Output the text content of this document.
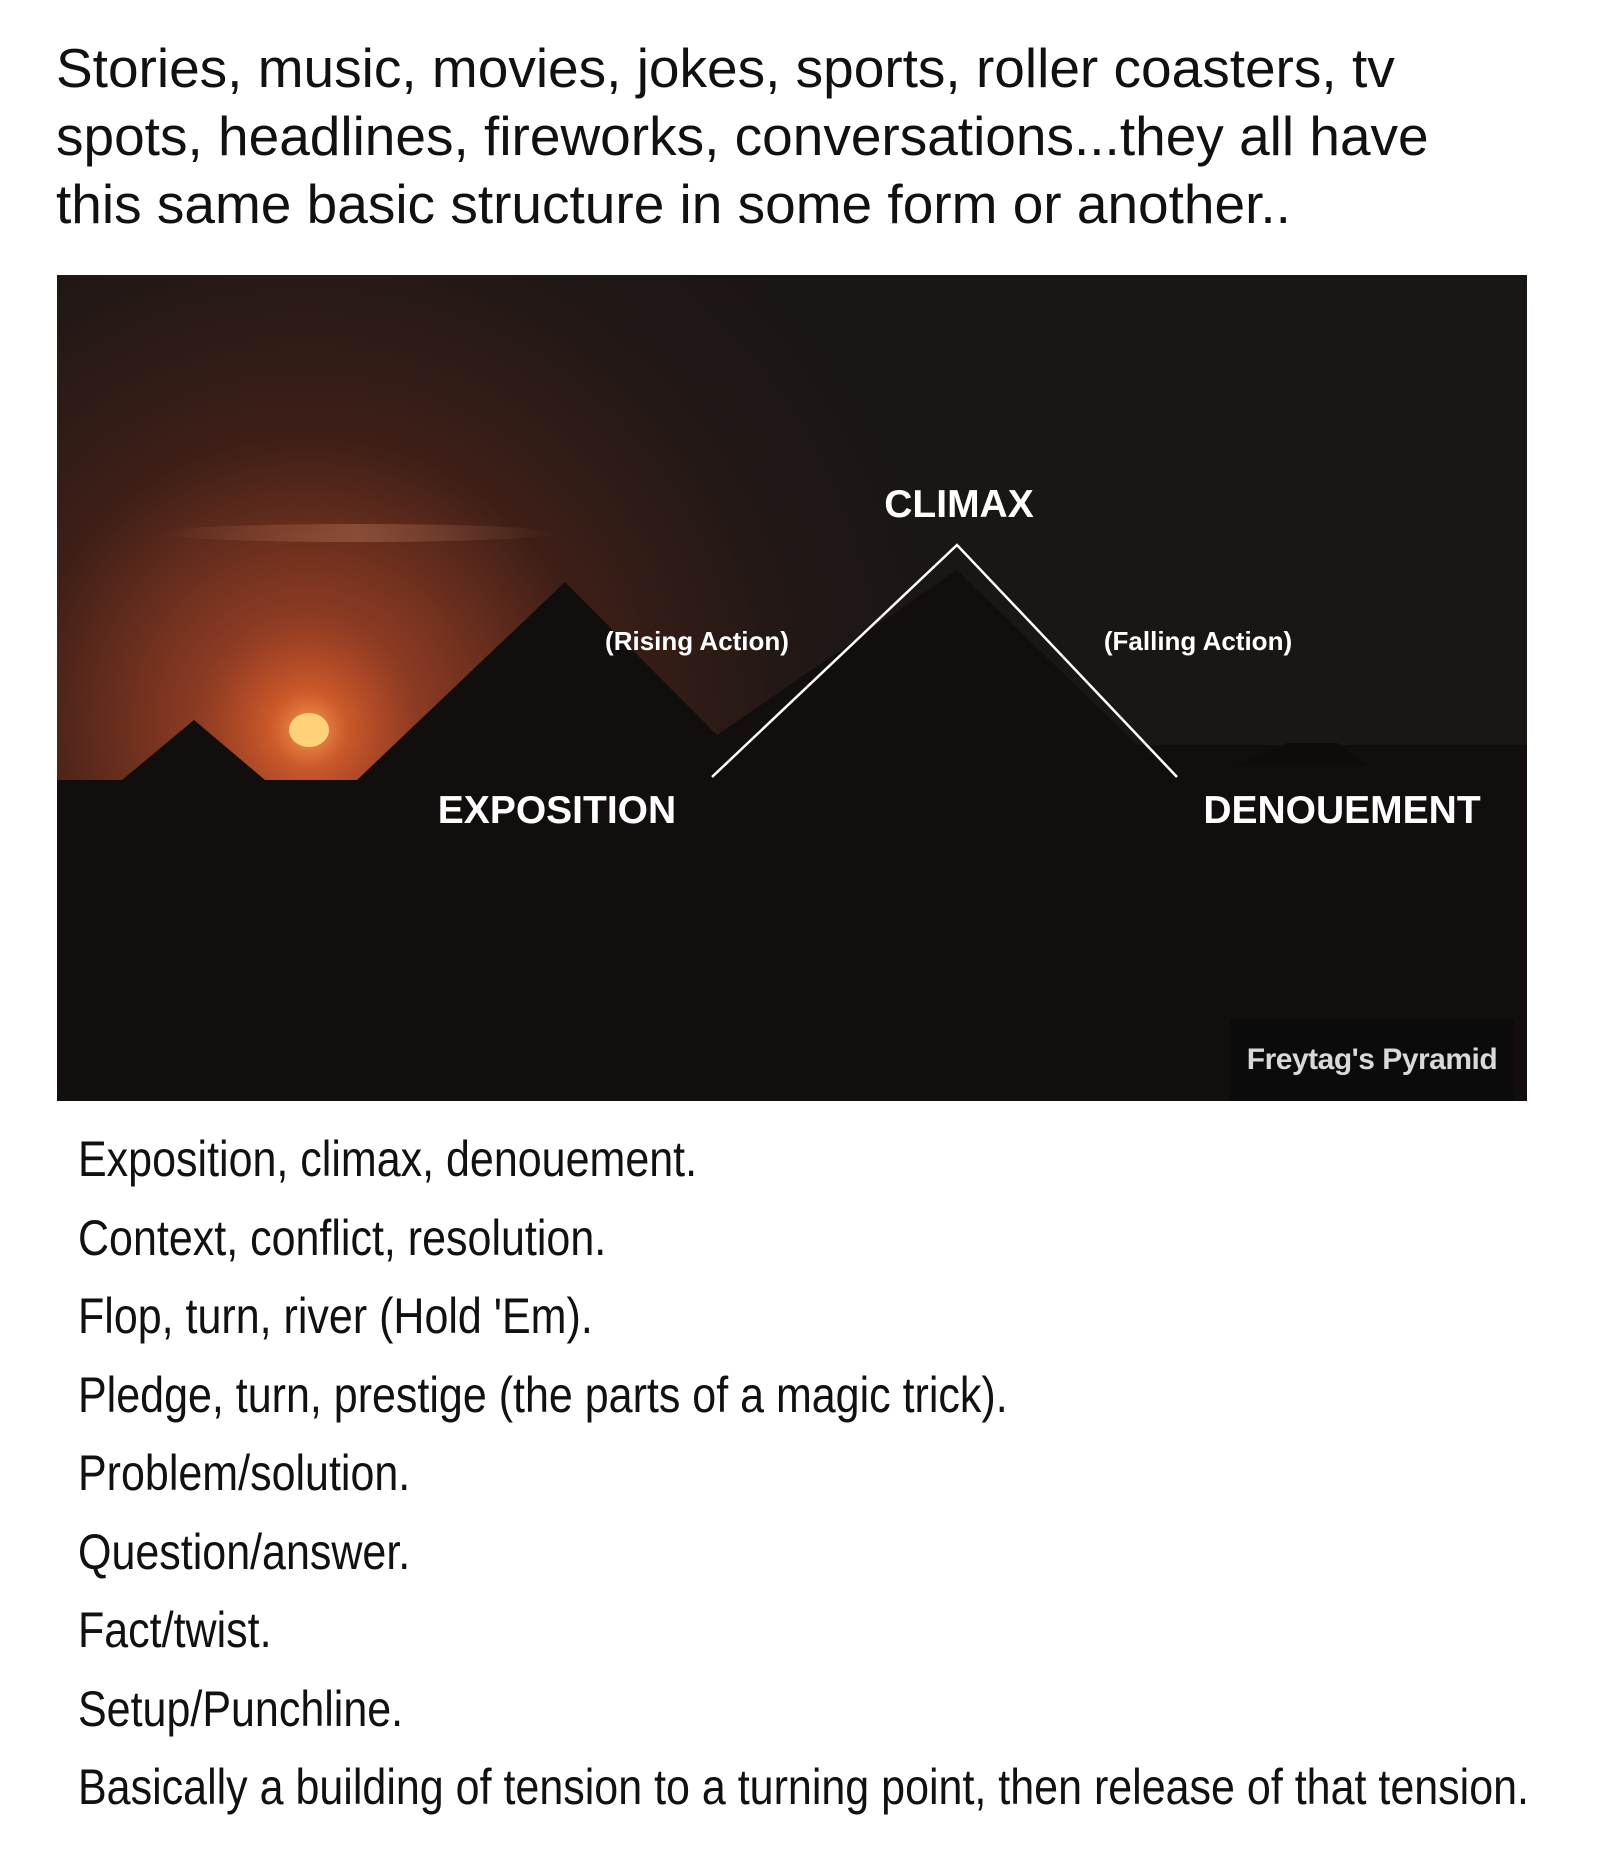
Stories, music, movies, jokes, sports, roller coasters, tv
spots, headlines, fireworks, conversations...they all have
this same basic structure in some form or another..
CLIMAX
(Rising Action)	(Falling Action)
EXPOSITION	DENOUEMENT
Freytag's Pyramid
Exposition, climax, denouement.
Context, conflict, resolution.
Flop, turn, river (Hold 'Em).
Pledge, turn, prestige (the parts of a magic trick).
Problem/solution.
Question/answer.
Fact/twist.
Setup/Punchline.
Basically a building of tension to a turning point, then release of that tension.
